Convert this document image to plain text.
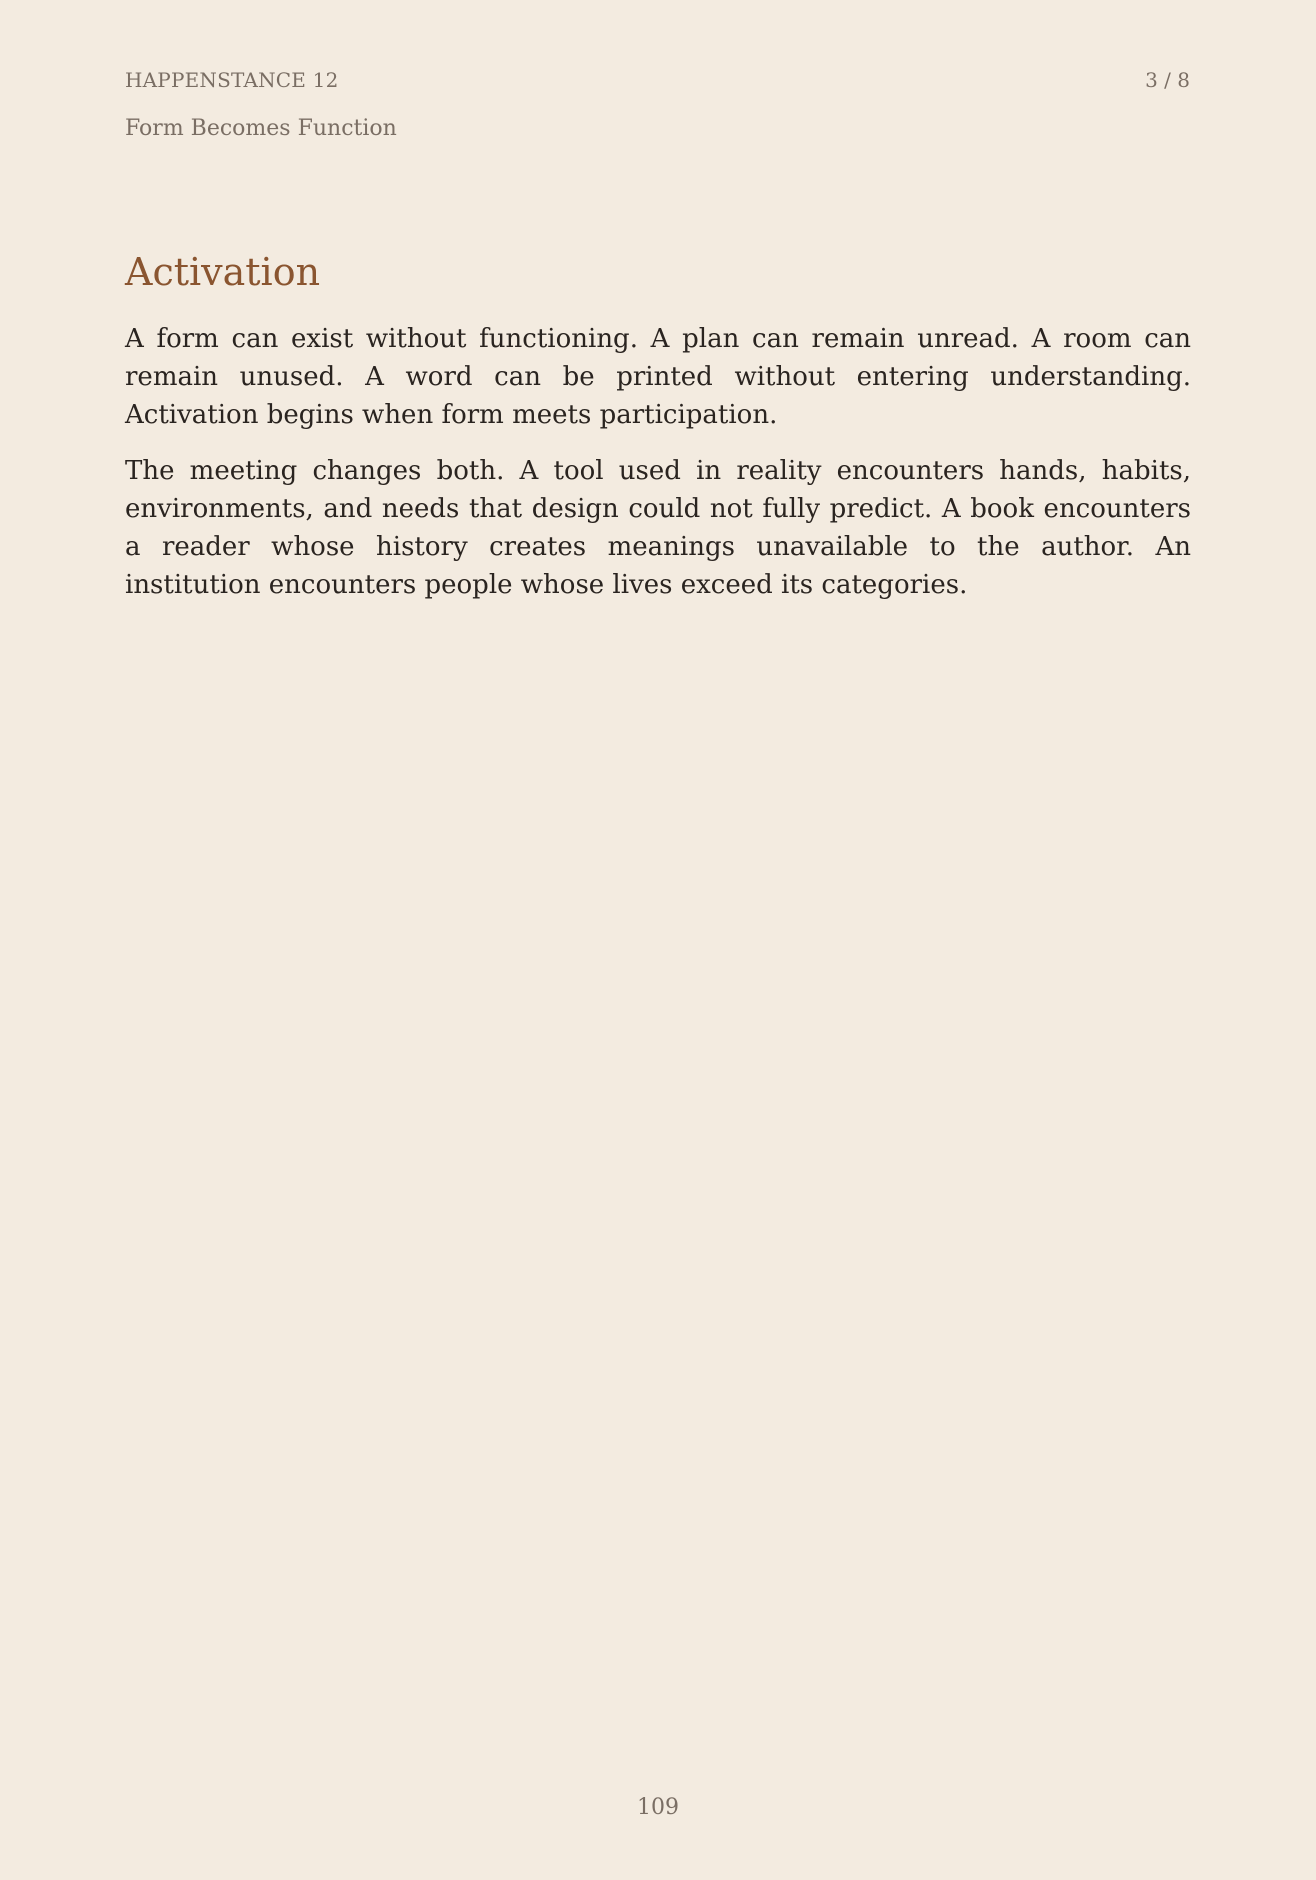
HAPPENSTANCE 12	3 / 8
Form Becomes Function
Activation

A form can exist without functioning. A plan can remain unread. A room can remain unused. A word can be printed without entering understanding. Activation begins when form meets participation.

The meeting changes both. A tool used in reality encounters hands, habits, environments, and needs that design could not fully predict. A book encounters a reader whose history creates meanings unavailable to the author. An institution encounters people whose lives exceed its categories.

109
